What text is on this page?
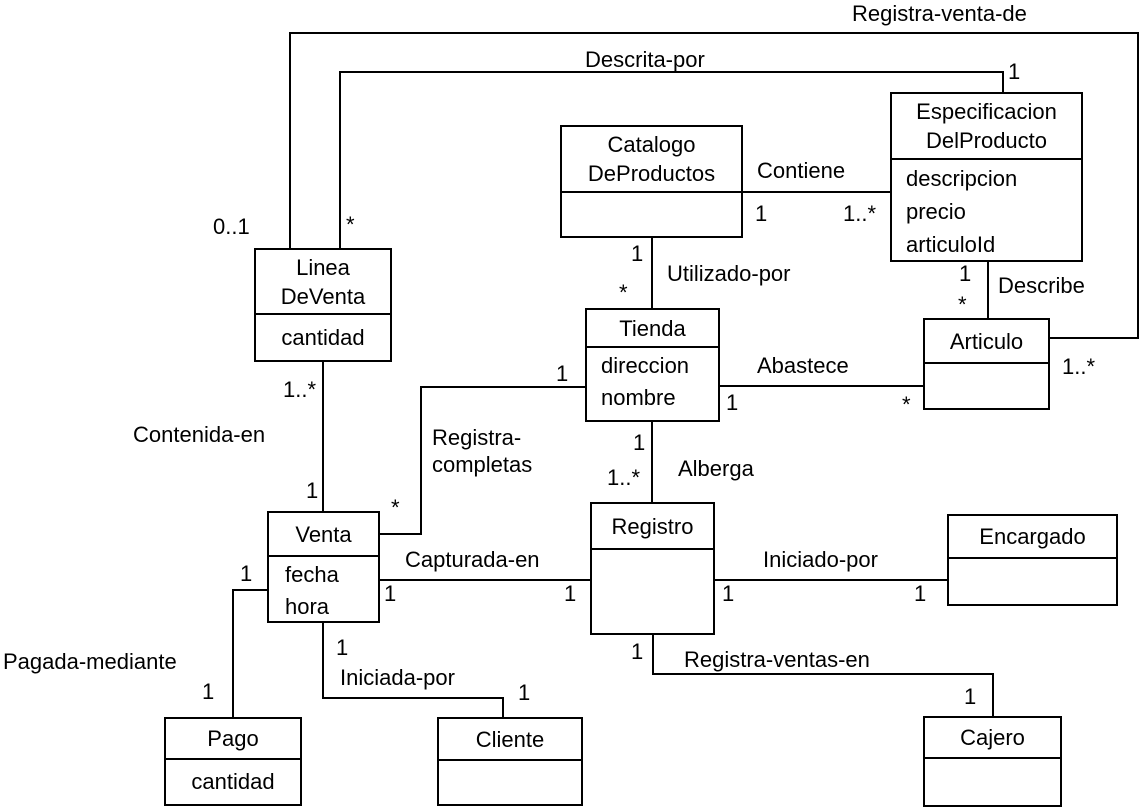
Linea
DeVenta
cantidad
Catalogo
DeProductos
Especificacion
DelProducto
descripcion
precio
articuloId
Tienda
direccion
nombre
Articulo
Venta
fecha
hora
Registro	Encargado
Pago
cantidad
Cliente	Cajero
Registra-venta-de
Descrita-por
Contiene
Utilizado-por	Describe
Abastece
Contenida-en	Registra-
completas	Alberga
Capturada-en	Iniciado-por
Pagada-mediante
Iniciada-por
Registra-ventas-en
0..1
1..*
*
1
1	1..*
1
*
1
*
1	*
1..*
1
*
1
1
1..*
1	1	1	1
1
1
1
1
1
1
